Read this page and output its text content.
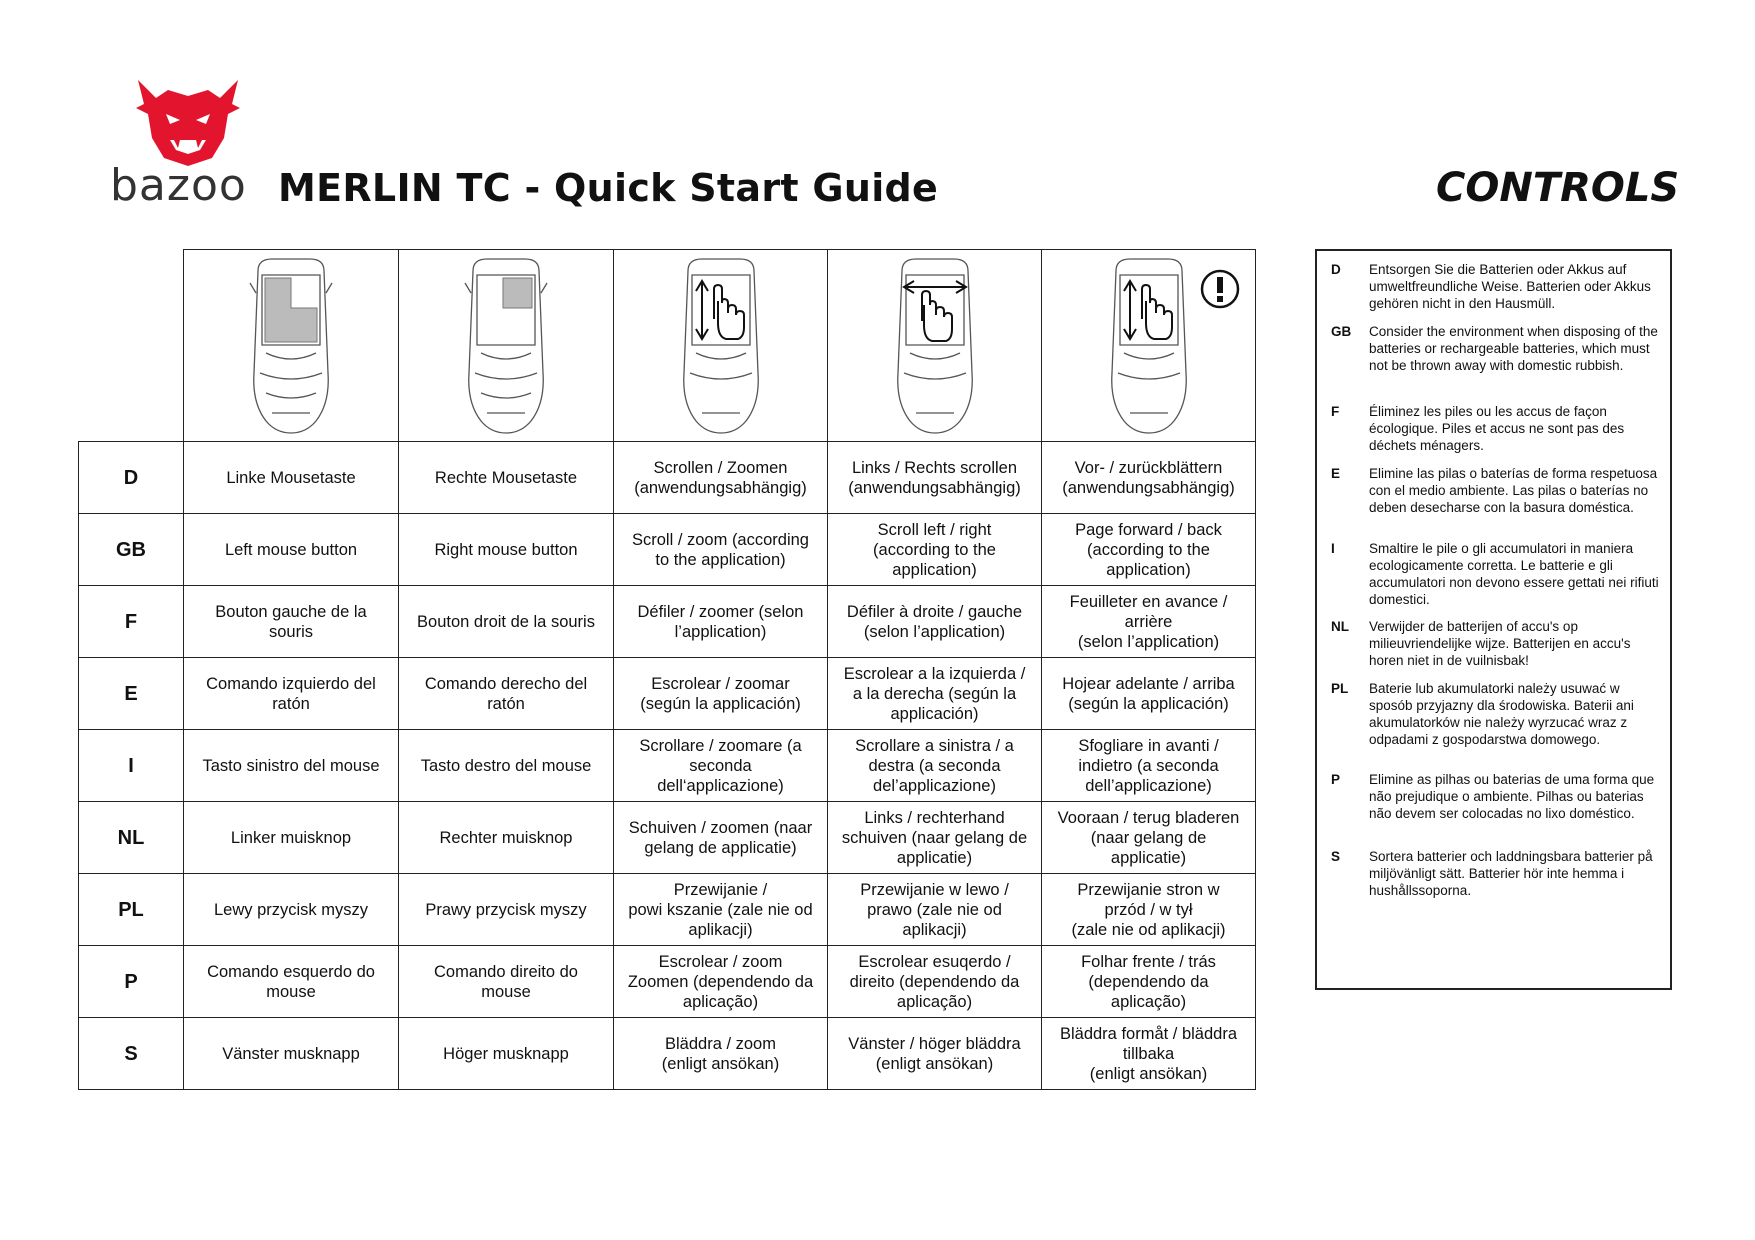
bazoo MERLIN TC - Quick Start Guide	CONTROLS

D	Linke Mousetaste	Rechte Mousetaste	Scrollen / Zoomen
(anwendungsabhängig)	Links / Rechts scrollen
(anwendungsabhängig)	Vor- / zurückblättern
(anwendungsabhängig)
GB	Left mouse button	Right mouse button	Scroll / zoom (according
to the application)	Scroll left / right
(according to the
application)	Page forward / back
(according to the
application)
F	Bouton gauche de la
souris	Bouton droit de la souris	Défiler / zoomer (selon
l’application)	Défiler à droite / gauche
(selon l’application)	Feuilleter en avance /
arrière
(selon l’application)
E	Comando izquierdo del
ratón	Comando derecho del
ratón	Escrolear / zoomar
(según la applicación)	Escrolear a la izquierda /
a la derecha (según la
applicación)	Hojear adelante / arriba
(según la applicación)
I	Tasto sinistro del mouse	Tasto destro del mouse	Scrollare / zoomare (a
seconda
dell‘applicazione)	Scrollare a sinistra / a
destra (a seconda
del’applicazione)	Sfogliare in avanti /
indietro (a seconda
dell’applicazione)
NL	Linker muisknop	Rechter muisknop	Schuiven / zoomen (naar
gelang de applicatie)	Links / rechterhand
schuiven (naar gelang de
applicatie)	Vooraan / terug bladeren
(naar gelang de
applicatie)
PL	Lewy przycisk myszy	Prawy przycisk myszy	Przewijanie /
powi kszanie (zale nie od
aplikacji)	Przewijanie w lewo /
prawo (zale nie od
aplikacji)	Przewijanie stron w
przód / w tył
(zale nie od aplikacji)
P	Comando esquerdo do
mouse	Comando direito do
mouse	Escrolear / zoom
Zoomen (dependendo da
aplicação)	Escrolear esuqerdo /
direito (dependendo da
aplicação)	Folhar frente / trás
(dependendo da
aplicação)
S	Vänster musknapp	Höger musknapp	Bläddra / zoom
(enligt ansökan)	Vänster / höger bläddra
(enligt ansökan)	Bläddra formåt / bläddra
tillbaka
(enligt ansökan)
D Entsorgen Sie die Batterien oder Akkus auf umweltfreundliche Weise. Batterien oder Akkus gehören nicht in den Hausmüll.
GB Consider the environment when disposing of the batteries or rechargeable batteries, which must not be thrown away with domestic rubbish.
F Éliminez les piles ou les accus de façon écologique. Piles et accus ne sont pas des déchets ménagers.
E Elimine las pilas o baterías de forma respetuosa con el medio ambiente. Las pilas o baterías no deben desecharse con la basura doméstica.
I	Smaltire le pile o gli accumulatori in maniera ecologicamente corretta. Le batterie e gli accumulatori non devono essere gettati nei rifiuti domestici.
NL Verwijder de batterijen of accu's op milieuvriendelijke wijze. Batterijen en accu's horen niet in de vuilnisbak!
PL Baterie lub akumulatorki należy usuwać w sposób przyjazny dla środowiska. Baterii ani akumulatorków nie należy wyrzucać wraz z odpadami z gospodarstwa domowego.
P Elimine as pilhas ou baterias de uma forma que não prejudique o ambiente. Pilhas ou baterias não devem ser colocadas no lixo doméstico.
S Sortera batterier och laddningsbara batterier på miljövänligt sätt. Batterier hör inte hemma i hushållssoporna.
